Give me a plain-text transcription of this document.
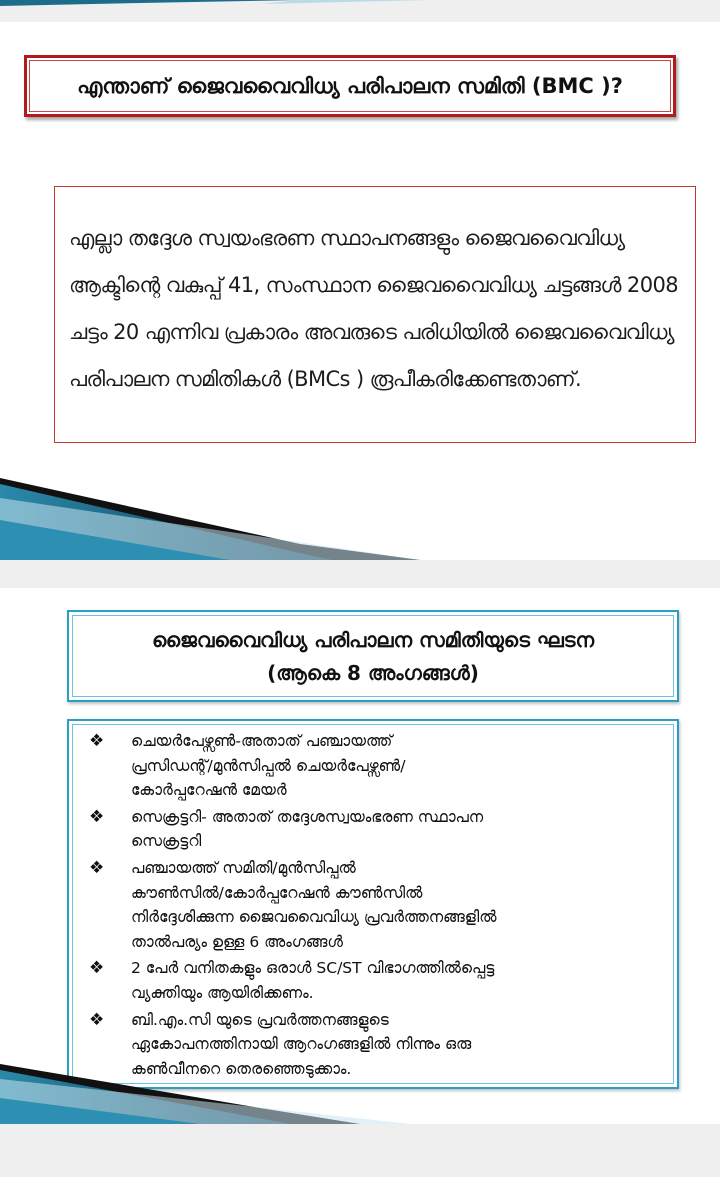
എന്താണ് ജൈവവൈവിധ്യ പരിപാലന സമിതി (BMC )?
എല്ലാ തദ്ദേശ സ്വയംഭരണ സ്ഥാപനങ്ങളും ജൈവവൈവിധ്യ
ആക്ടിന്റെ വകുപ്പ് 41, സംസ്ഥാന ജൈവവൈവിധ്യ ചട്ടങ്ങൾ 2008
ചട്ടം 20 എന്നിവ പ്രകാരം അവരുടെ പരിധിയിൽ ജൈവവൈവിധ്യ
പരിപാലന സമിതികൾ (BMCs ) രൂപീകരിക്കേണ്ടതാണ്.
ജൈവവൈവിധ്യ പരിപാലന സമിതിയുടെ ഘടന
(ആകെ 8 അംഗങ്ങൾ)
❖ ചെയർപേഴ്സൺ-അതാത് പഞ്ചായത്ത്
പ്രസിഡന്റ്/മുൻസിപ്പൽ ചെയർപേഴ്സൺ/
കോർപ്പറേഷൻ മേയർ
❖ സെക്രട്ടറി- അതാത് തദ്ദേശസ്വയംഭരണ സ്ഥാപന
സെക്രട്ടറി
❖ പഞ്ചായത്ത് സമിതി/മുൻസിപ്പൽ
കൗൺസിൽ/കോർപ്പറേഷൻ കൗൺസിൽ
നിർദ്ദേശിക്കുന്ന ജൈവവൈവിധ്യ പ്രവർത്തനങ്ങളിൽ
താൽപര്യം ഉള്ള 6 അംഗങ്ങൾ
❖ 2 പേർ വനിതകളും ഒരാൾ SC/ST വിഭാഗത്തിൽപ്പെട്ട
വ്യക്തിയും ആയിരിക്കണം.
❖ ബി.എം.സി യുടെ പ്രവർത്തനങ്ങളുടെ
ഏകോപനത്തിനായി ആറംഗങ്ങളിൽ നിന്നും ഒരു
കൺവീനറെ തെരഞ്ഞെടുക്കാം.
